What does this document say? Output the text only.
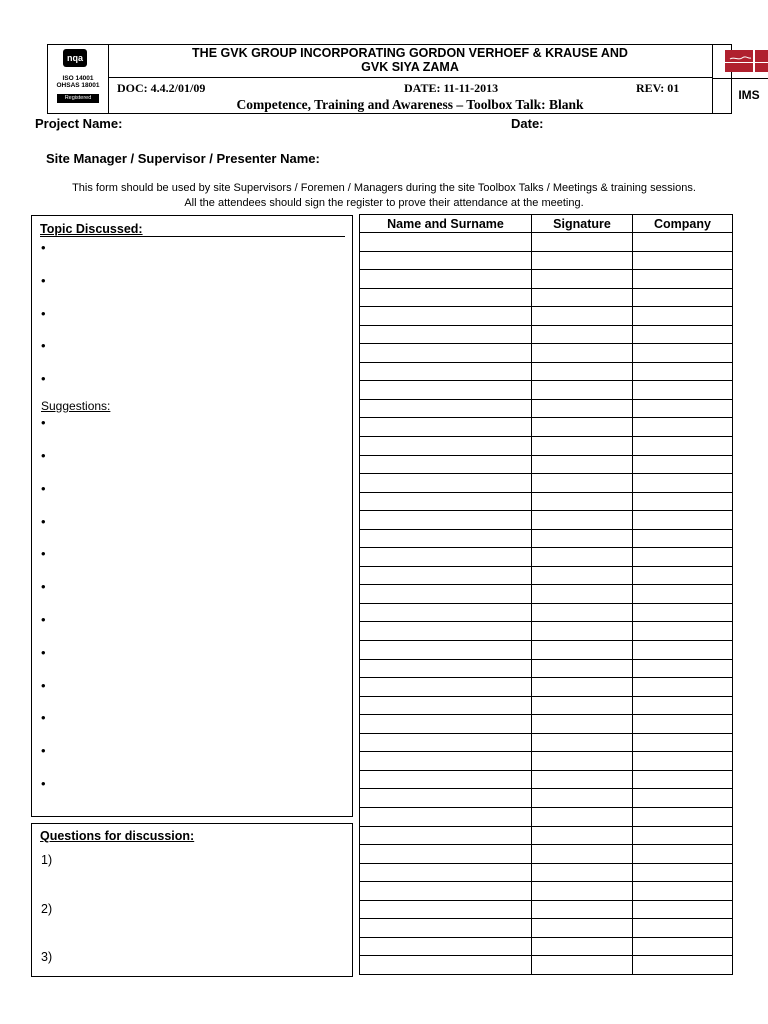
nqa
ISO 14001
OHSAS 18001
Registered
THE GVK GROUP INCORPORATING GORDON VERHOEF & KRAUSE AND
GVK SIYA ZAMA
DOC: 4.4.2/01/09	DATE: 11-11-2013	REV: 01
Competence, Training and Awareness – Toolbox Talk: Blank
IMS
Project Name:	Date:
Site Manager / Supervisor / Presenter Name:
This form should be used by site Supervisors / Foremen / Managers during the site Toolbox Talks / Meetings & training sessions.
All the attendees should sign the register to prove their attendance at the meeting.
Topic Discussed:
•
•
•
•
•
Suggestions:
•
•
•
•
•
•
•
•
•
•
•
•
Questions for discussion:
1)
2)
3)
Name and Surname	Signature	Company
